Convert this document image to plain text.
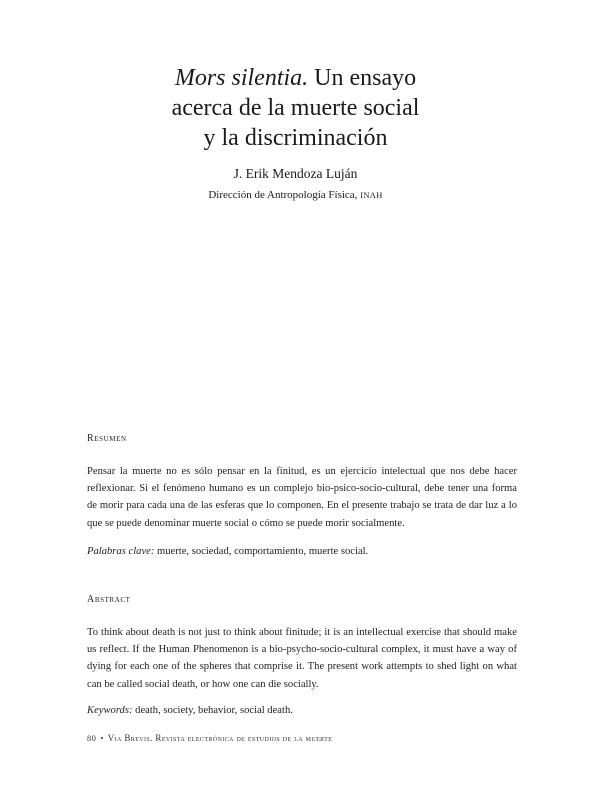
Mors silentia. Un ensayo
acerca de la muerte social
y la discriminación
J. Erik Mendoza Luján
Dirección de Antropología Física, INAH
Resumen
Pensar la muerte no es sólo pensar en la finitud, es un ejercicio intelectual que nos debe hacer reflexionar. Si el fenómeno humano es un complejo bio-psico-socio-cultural, debe tener una forma de morir para cada una de las esferas que lo componen. En el presente trabajo se trata de dar luz a lo que se puede denominar muerte social o cómo se puede morir socialmente.
Palabras clave: muerte, sociedad, comportamiento, muerte social.
Abstract
To think about death is not just to think about finitude; it is an intellectual exercise that should make us reflect. If the Human Phenomenon is a bio-psycho-socio-cultural complex, it must have a way of dying for each one of the spheres that comprise it. The present work attempts to shed light on what can be called social death, or how one can die socially.
Keywords: death, society, behavior, social death.
80 • Via Brevis. Revista electrónica de estudios de la muerte
